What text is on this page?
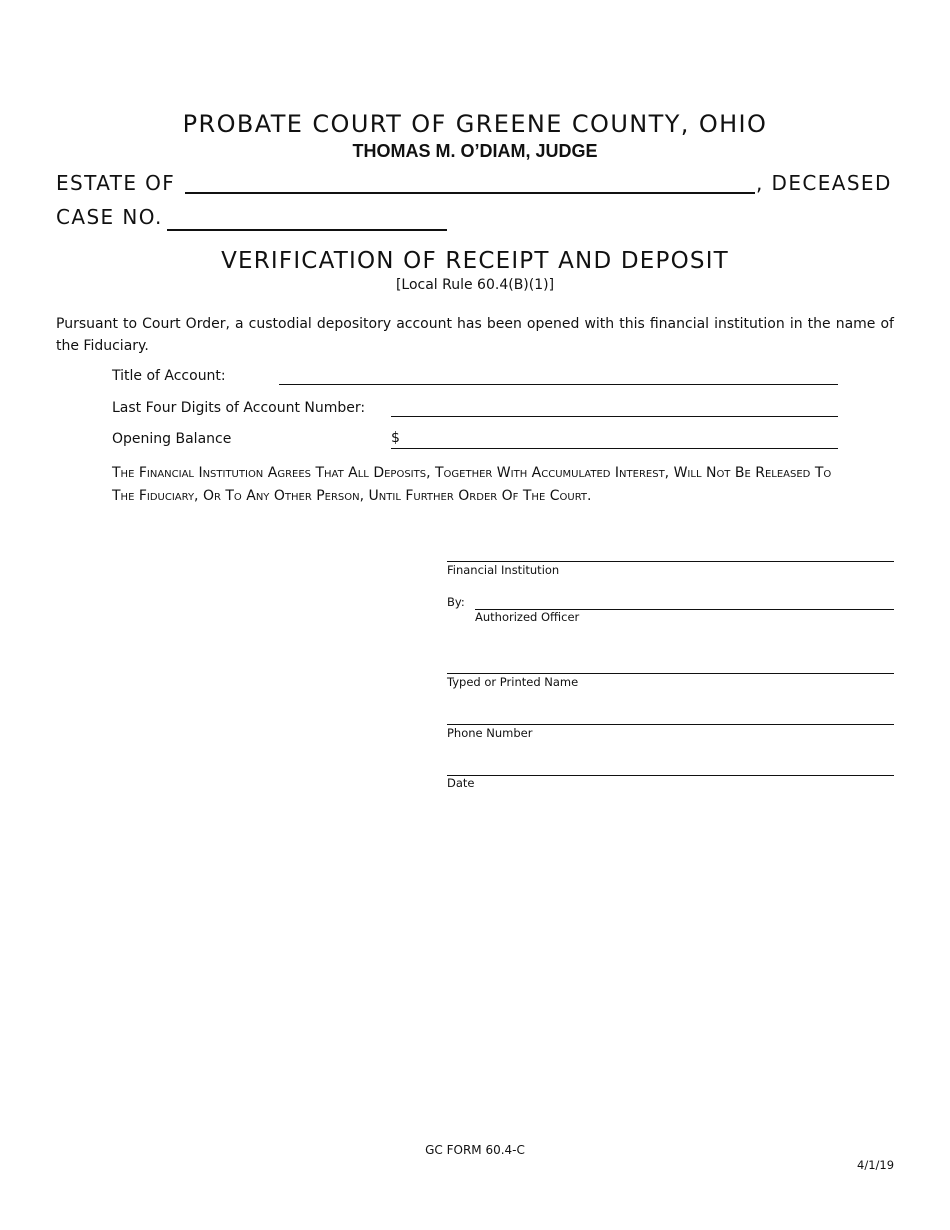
PROBATE COURT OF GREENE COUNTY, OHIO
THOMAS M. O’DIAM, JUDGE
ESTATE OF	, DECEASED
CASE NO.
VERIFICATION OF RECEIPT AND DEPOSIT
[Local Rule 60.4(B)(1)]
Pursuant to Court Order, a custodial depository account has been opened with this financial institution in the name of the Fiduciary.
Title of Account:
Last Four Digits of Account Number:
Opening Balance	$
The Financial Institution Agrees That All Deposits, Together With Accumulated Interest, Will Not Be Released To The Fiduciary, Or To Any Other Person, Until Further Order Of The Court.
Financial Institution
By:
Authorized Officer
Typed or Printed Name
Phone Number
Date
GC FORM 60.4-C
4/1/19
